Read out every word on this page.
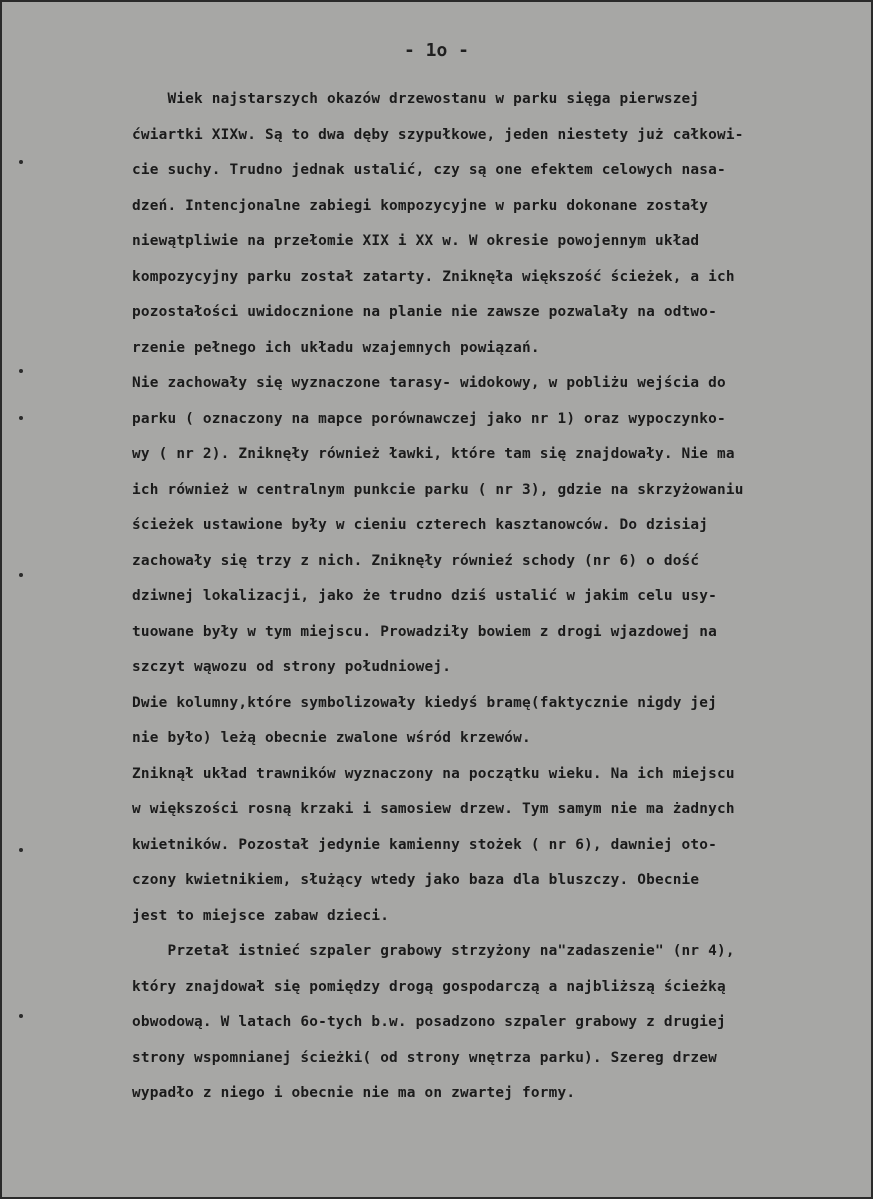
- 1o -
Wiek najstarszych okazów drzewostanu w parku sięga pierwszej
ćwiartki XIXw. Są to dwa dęby szypułkowe, jeden niestety już całkowi-
cie suchy. Trudno jednak ustalić, czy są one efektem celowych nasa-
dzeń. Intencjonalne zabiegi kompozycyjne w parku dokonane zostały
niewątpliwie na przełomie XIX i XX w. W okresie powojennym układ
kompozycyjny parku został zatarty. Zniknęła większość ścieżek, a ich
pozostałości uwidocznione na planie nie zawsze pozwalały na odtwo-
rzenie pełnego ich układu wzajemnych powiązań.
Nie zachowały się wyznaczone tarasy- widokowy, w pobliżu wejścia do
parku ( oznaczony na mapce porównawczej jako nr 1) oraz wypoczynko-
wy ( nr 2). Zniknęły również ławki, które tam się znajdowały. Nie ma
ich również w centralnym punkcie parku ( nr 3), gdzie na skrzyżowaniu
ścieżek ustawione były w cieniu czterech kasztanowców. Do dzisiaj
zachowały się trzy z nich. Zniknęły równieź schody (nr 6) o dość
dziwnej lokalizacji, jako że trudno dziś ustalić w jakim celu usy-
tuowane były w tym miejscu. Prowadziły bowiem z drogi wjazdowej na
szczyt wąwozu od strony południowej.
Dwie kolumny,które symbolizowały kiedyś bramę(faktycznie nigdy jej
nie było) leżą obecnie zwalone wśród krzewów.
Zniknął układ trawników wyznaczony na początku wieku. Na ich miejscu
w większości rosną krzaki i samosiew drzew. Tym samym nie ma żadnych
kwietników. Pozostał jedynie kamienny stożek ( nr 6), dawniej oto-
czony kwietnikiem, służący wtedy jako baza dla bluszczy. Obecnie
jest to miejsce zabaw dzieci.
Przetał istnieć szpaler grabowy strzyżony na"zadaszenie" (nr 4),
który znajdował się pomiędzy drogą gospodarczą a najbliższą ścieżką
obwodową. W latach 6o-tych b.w. posadzono szpaler grabowy z drugiej
strony wspomnianej ścieżki( od strony wnętrza parku). Szereg drzew
wypadło z niego i obecnie nie ma on zwartej formy.
